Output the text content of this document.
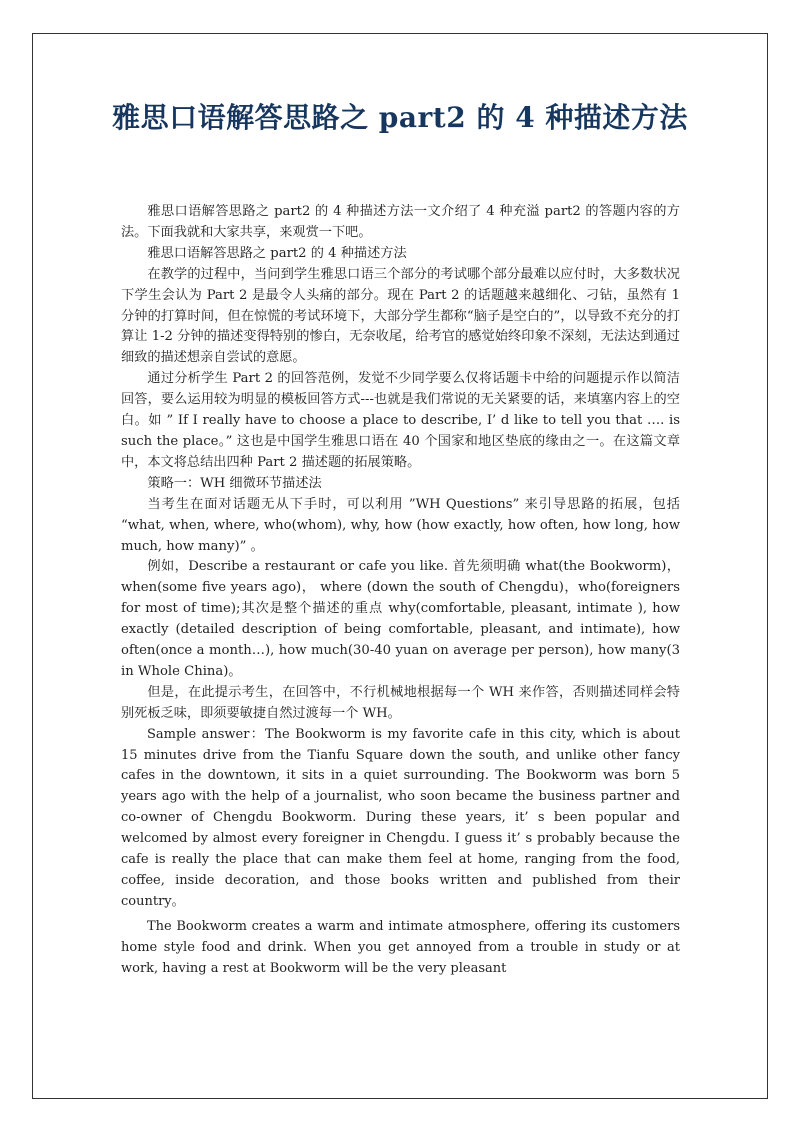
雅思口语解答思路之 part2 的 4 种描述方法

雅思口语解答思路之 part2 的 4 种描述方法一文介绍了 4 种充溢 part2 的答题内容的方法。下面我就和大家共享，来观赏一下吧。

雅思口语解答思路之 part2 的 4 种描述方法

在教学的过程中，当问到学生雅思口语三个部分的考试哪个部分最难以应付时，大多数状况下学生会认为 Part 2 是最令人头痛的部分。现在 Part 2 的话题越来越细化、刁钻，虽然有 1 分钟的打算时间，但在惊慌的考试环境下，大部分学生都称“脑子是空白的”，以导致不充分的打算让 1-2 分钟的描述变得特别的惨白，无奈收尾，给考官的感觉始终印象不深刻，无法达到通过细致的描述想亲自尝试的意愿。

通过分析学生 Part 2 的回答范例，发觉不少同学要么仅将话题卡中给的问题提示作以简洁回答，要么运用较为明显的模板回答方式---也就是我们常说的无关紧要的话，来填塞内容上的空白。如 ” If I really have to choose a place to describe, I’ d like to tell you that …. is such the place。” 这也是中国学生雅思口语在 40 个国家和地区垫底的缘由之一。在这篇文章中，本文将总结出四种 Part 2 描述题的拓展策略。

策略一：WH 细微环节描述法

当考生在面对话题无从下手时，可以利用 ”WH Questions” 来引导思路的拓展，包括 “what, when, where, who(whom), why, how (how exactly, how often, how long, how much, how many)” 。

例如，Describe a restaurant or cafe you like. 首先须明确 what(the Bookworm)，when(some five years ago)， where (down the south of Chengdu)，who(foreigners for most of time);其次是整个描述的重点 why(comfortable, pleasant, intimate ), how exactly (detailed description of being comfortable, pleasant, and intimate), how often(once a month…), how much(30-40 yuan on average per person), how many(3 in Whole China)。

但是，在此提示考生，在回答中，不行机械地根据每一个 WH 来作答，否则描述同样会特别死板乏味，即须要敏捷自然过渡每一个 WH。

Sample answer：The Bookworm is my favorite cafe in this city, which is about 15 minutes drive from the Tianfu Square down the south, and unlike other fancy cafes in the downtown, it sits in a quiet surrounding. The Bookworm was born 5 years ago with the help of a journalist, who soon became the business partner and co-owner of Chengdu Bookworm. During these years, it’ s been popular and welcomed by almost every foreigner in Chengdu. I guess it’ s probably because the cafe is really the place that can make them feel at home, ranging from the food, coffee, inside decoration, and those books written and published from their country。

The Bookworm creates a warm and intimate atmosphere, offering its customers home style food and drink. When you get annoyed from a trouble in study or at work, having a rest at Bookworm will be the very pleasant
